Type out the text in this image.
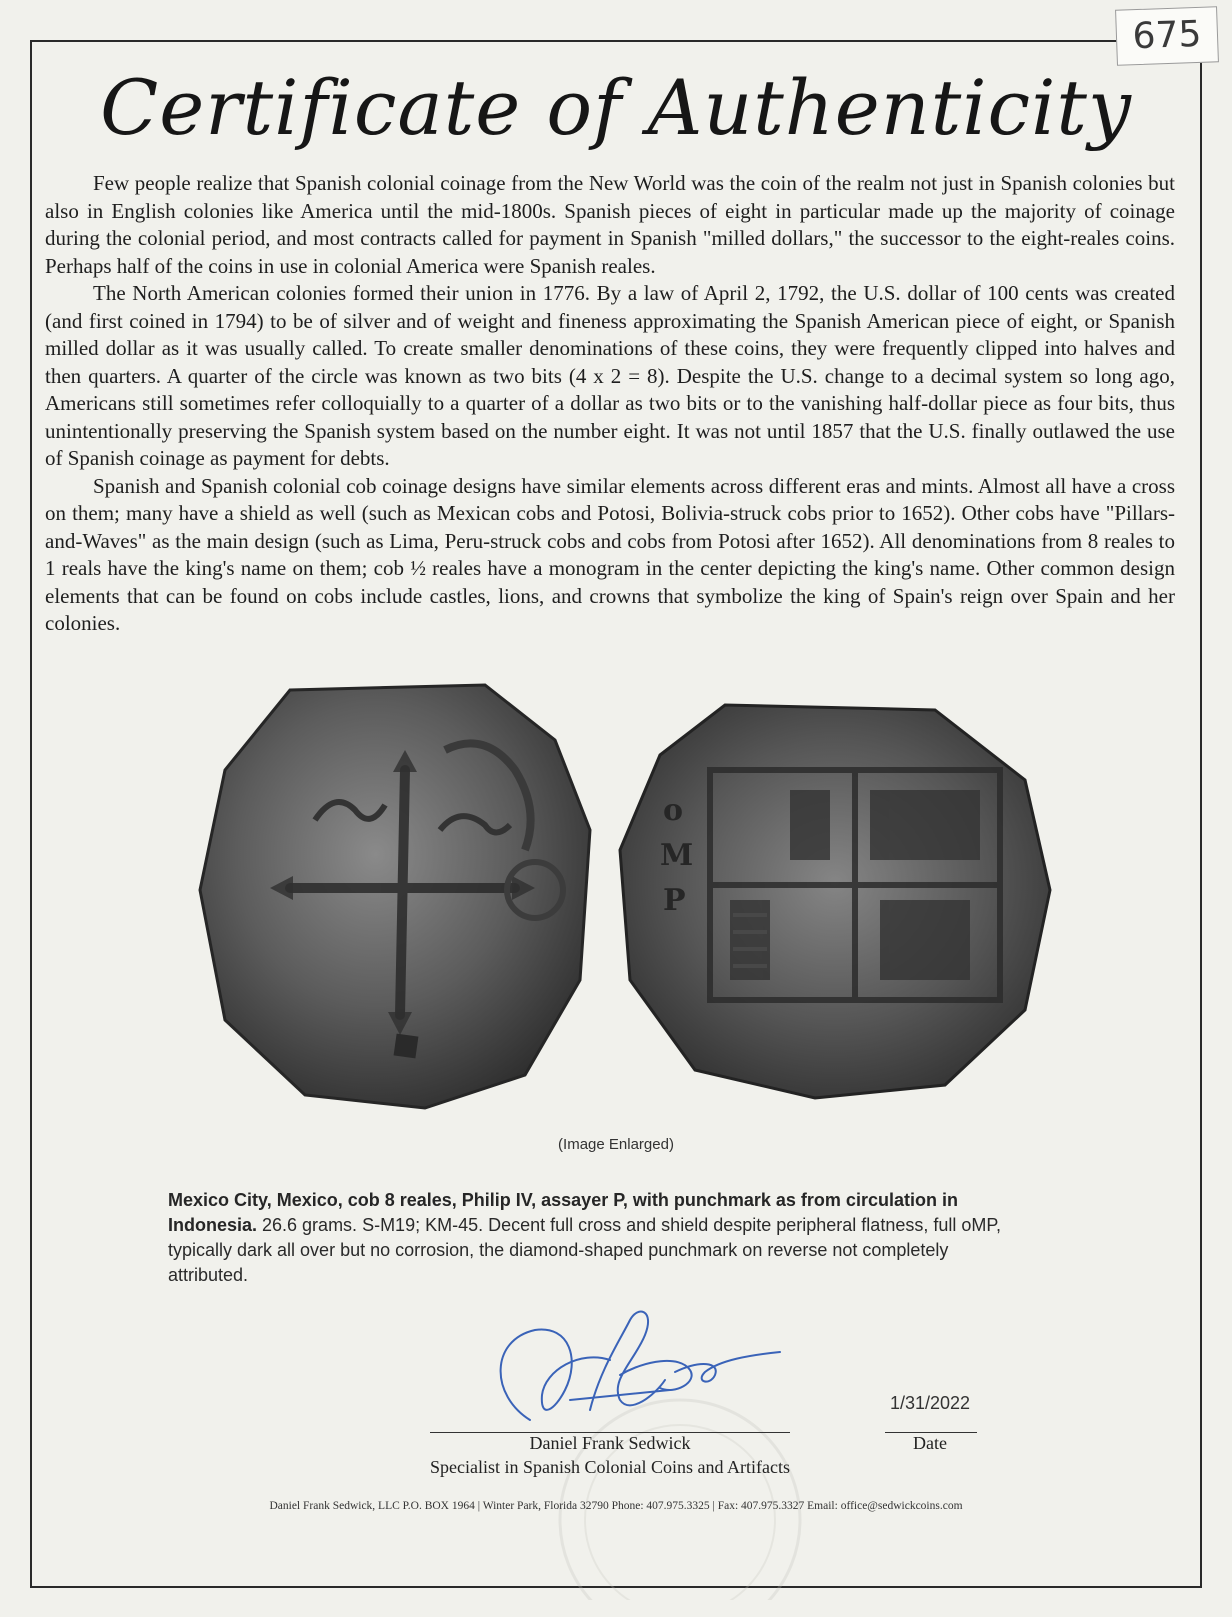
675
Certificate of Authenticity

Few people realize that Spanish colonial coinage from the New World was the coin of the realm not just in Spanish colonies but also in English colonies like America until the mid-1800s. Spanish pieces of eight in particular made up the majority of coinage during the colonial period, and most contracts called for payment in Spanish "milled dollars," the successor to the eight-reales coins. Perhaps half of the coins in use in colonial America were Spanish reales.

The North American colonies formed their union in 1776. By a law of April 2, 1792, the U.S. dollar of 100 cents was created (and first coined in 1794) to be of silver and of weight and fineness approximating the Spanish American piece of eight, or Spanish milled dollar as it was usually called. To create smaller denominations of these coins, they were frequently clipped into halves and then quarters. A quarter of the circle was known as two bits (4 x 2 = 8). Despite the U.S. change to a decimal system so long ago, Americans still sometimes refer colloquially to a quarter of a dollar as two bits or to the vanishing half-dollar piece as four bits, thus unintentionally preserving the Spanish system based on the number eight. It was not until 1857 that the U.S. finally outlawed the use of Spanish coinage as payment for debts.

Spanish and Spanish colonial cob coinage designs have similar elements across different eras and mints. Almost all have a cross on them; many have a shield as well (such as Mexican cobs and Potosi, Bolivia-struck cobs prior to 1652). Other cobs have "Pillars-and-Waves" as the main design (such as Lima, Peru-struck cobs and cobs from Potosi after 1652). All denominations from 8 reales to 1 reals have the king's name on them; cob ½ reales have a monogram in the center depicting the king's name. Other common design elements that can be found on cobs include castles, lions, and crowns that symbolize the king of Spain's reign over Spain and her colonies.

o
M
P
(Image Enlarged)
Mexico City, Mexico, cob 8 reales, Philip IV, assayer P, with punchmark as from circulation in Indonesia. 26.6 grams. S-M19; KM-45. Decent full cross and shield despite peripheral flatness, full oMP, typically dark all over but no corrosion, the diamond-shaped punchmark on reverse not completely attributed.
Daniel Frank Sedwick
Specialist in Spanish Colonial Coins and Artifacts
1/31/2022
Date
Daniel Frank Sedwick, LLC P.O. BOX 1964 | Winter Park, Florida 32790 Phone: 407.975.3325 | Fax: 407.975.3327 Email: office@sedwickcoins.com
